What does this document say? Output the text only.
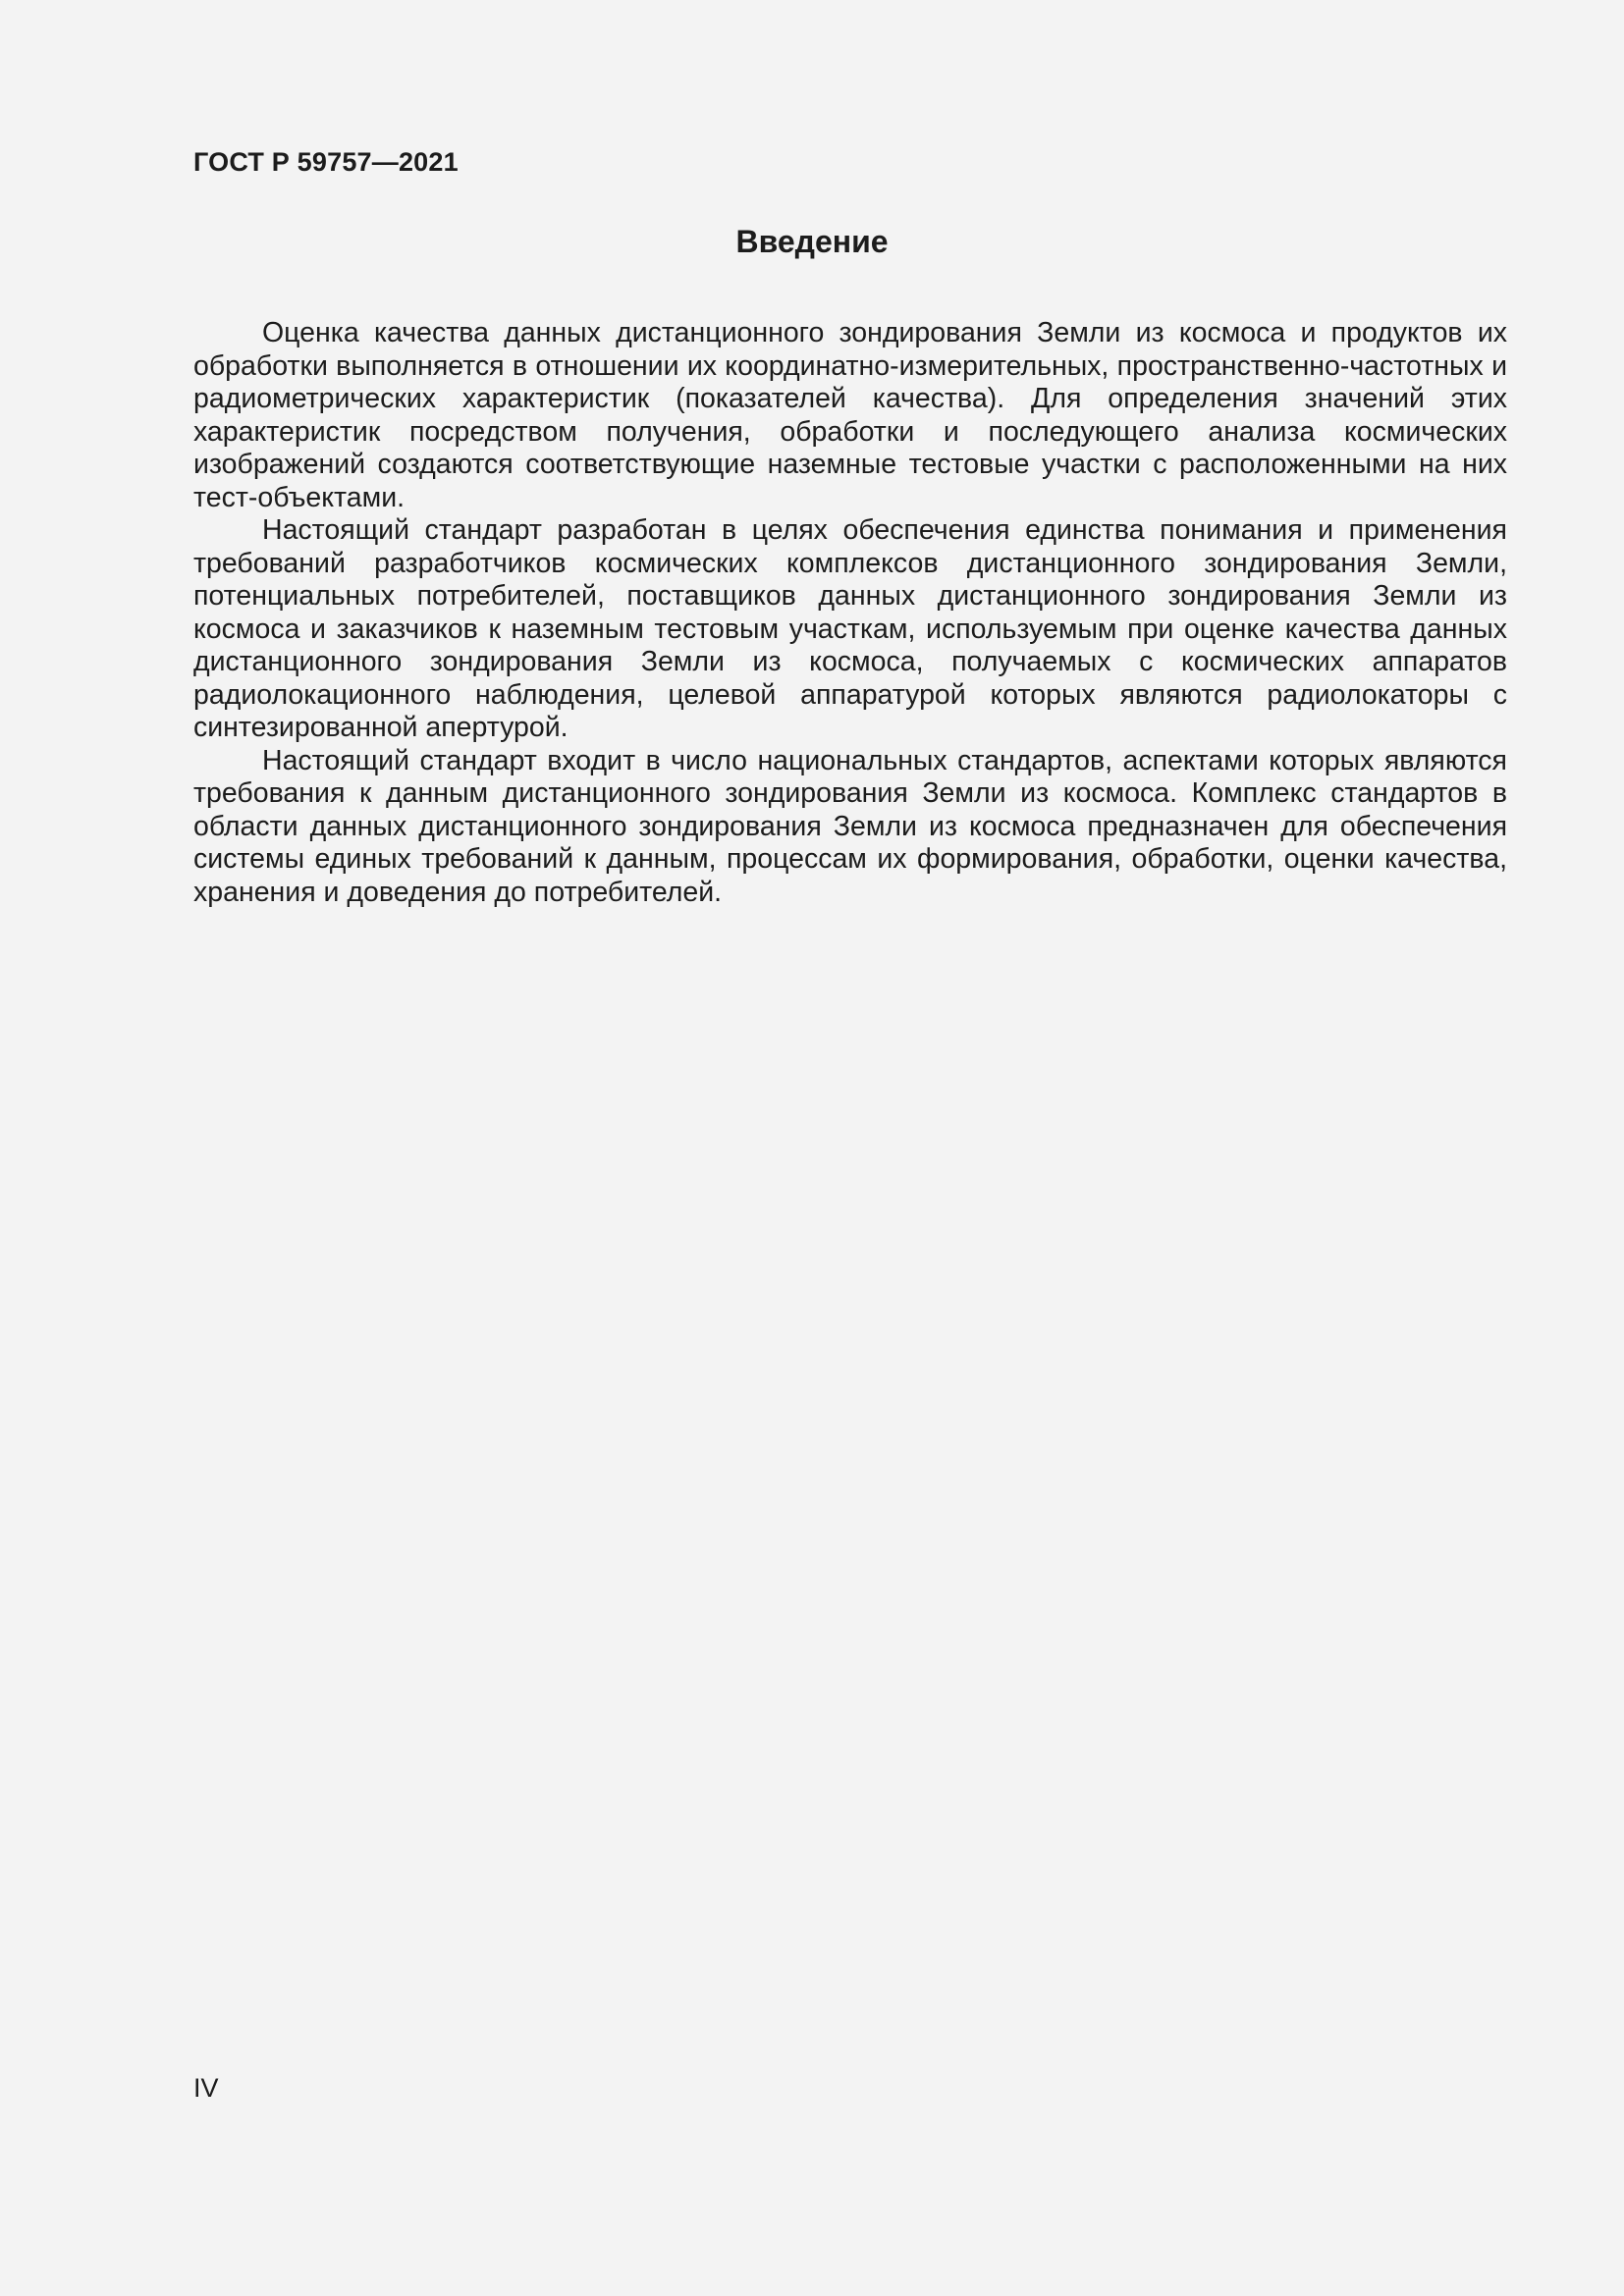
ГОСТ Р 59757—2021
Введение

Оценка качества данных дистанционного зондирования Земли из космоса и продуктов их обработки выполняется в отношении их координатно-измерительных, пространственно-частотных и радиометрических характеристик (показателей качества). Для определения значений этих характеристик посредством получения, обработки и последующего анализа космических изображений создаются соответствующие наземные тестовые участки с расположенными на них тест-объектами.

Настоящий стандарт разработан в целях обеспечения единства понимания и применения требований разработчиков космических комплексов дистанционного зондирования Земли, потенциальных потребителей, поставщиков данных дистанционного зондирования Земли из космоса и заказчиков к наземным тестовым участкам, используемым при оценке качества данных дистанционного зондирования Земли из космоса, получаемых с космических аппаратов радиолокационного наблюдения, целевой аппаратурой которых являются радиолокаторы с синтезированной апертурой.

Настоящий стандарт входит в число национальных стандартов, аспектами которых являются требования к данным дистанционного зондирования Земли из космоса. Комплекс стандартов в области данных дистанционного зондирования Земли из космоса предназначен для обеспечения системы единых требований к данным, процессам их формирования, обработки, оценки качества, хранения и доведения до потребителей.

IV
